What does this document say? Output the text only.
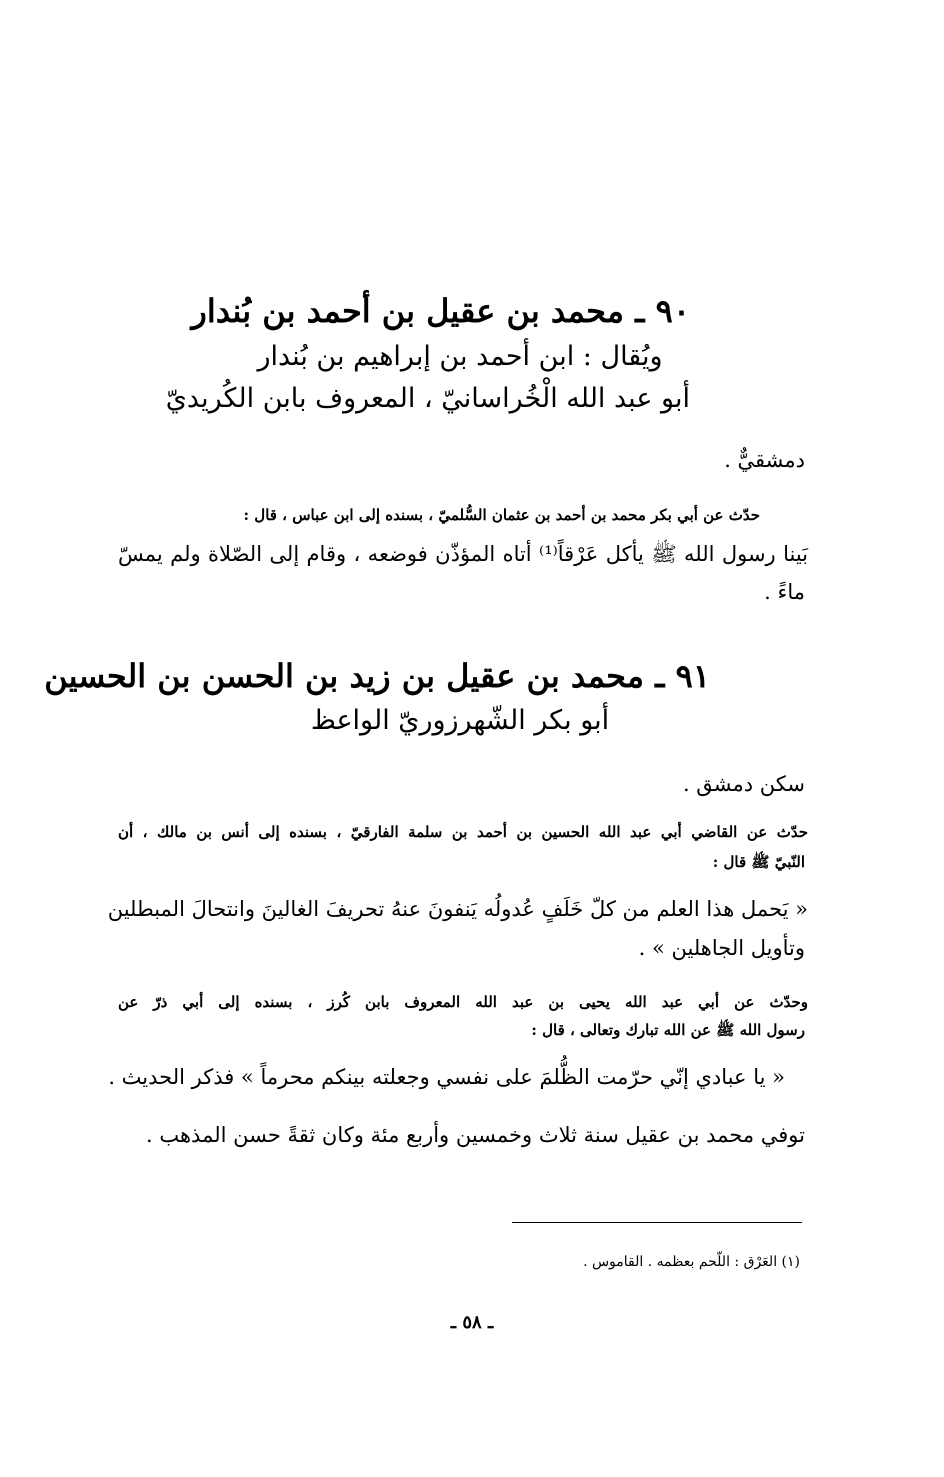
٩٠ ـ محمد بن عقيل بن أحمد بن بُندار
ويُقال : ابن أحمد بن إبراهيم بن بُندار
أبو عبد الله الْخُراسانيّ ، المعروف بابن الكُريديّ
دمشقيٌّ .
حدّث عن أبي بكر محمد بن أحمد بن عثمان السُّلميّ ، بسنده إلى ابن عباس ، قال :
بَينا رسول الله ﷺ يأكل عَرْقاً⁽¹⁾ أتاه المؤذّن فوضعه ، وقام إلى الصّلاة ولم يمسّ
ماءً .
٩١ ـ محمد بن عقيل بن زيد بن الحسن بن الحسين
أبو بكر الشّهرزوريّ الواعظ
سكن دمشق .
حدّث عن القاضي أبي عبد الله الحسين بن أحمد بن سلمة الفارقيّ ، بسنده إلى أنس بن مالك ، أن
النّبيّ ﷺ قال :
« يَحمل هذا العلم من كلّ خَلَفٍ عُدولُه يَنفونَ عنهُ تحريفَ الغالينَ وانتحالَ المبطلين
وتأويل الجاهلين » .
وحدّث عن أبي عبد الله يحيى بن عبد الله المعروف بابن كُرز ، بسنده إلى أبي ذرّ عن
رسول الله ﷺ عن الله تبارك وتعالى ، قال :
« يا عبادي إنّي حرّمت الظُّلمَ على نفسي وجعلته بينكم محرماً » فذكر الحديث .
توفي محمد بن عقيل سنة ثلاث وخمسين وأربع مئة وكان ثقةً حسن المذهب .
(١) العَرْق : اللّحم بعظمه . القاموس .
ـ ٥٨ ـ
